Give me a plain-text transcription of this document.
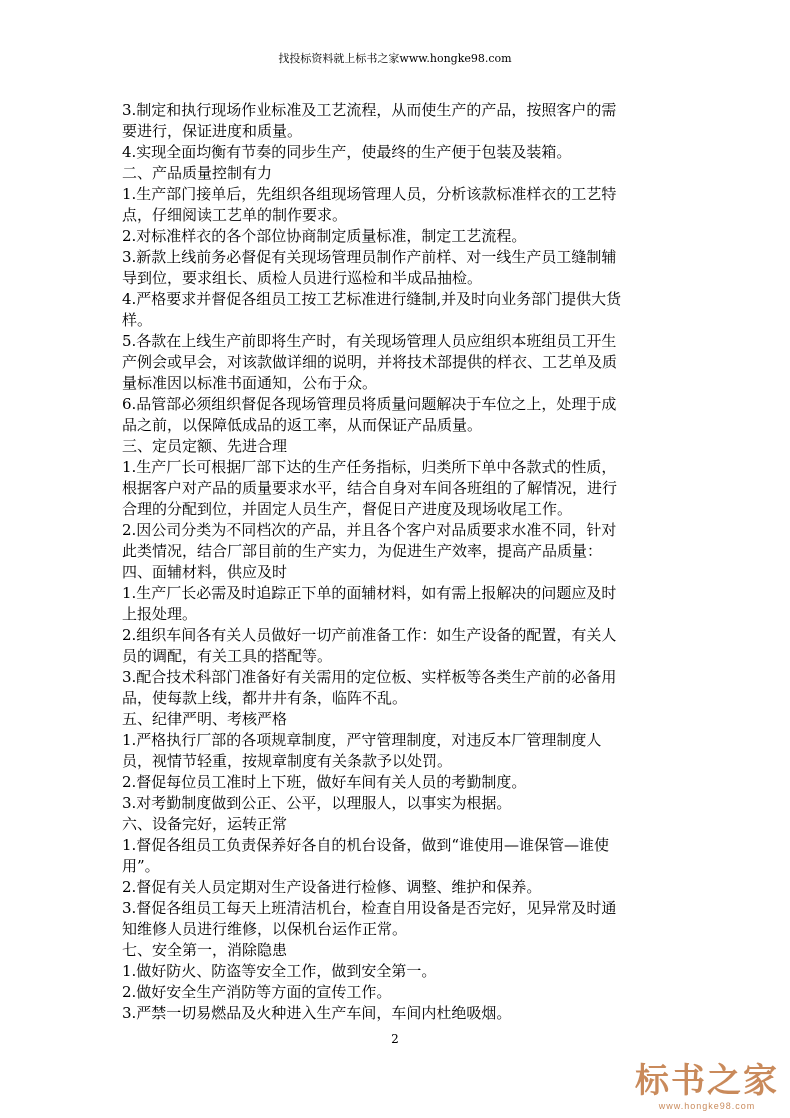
找投标资料就上标书之家www.hongke98.com
3.制定和执行现场作业标准及工艺流程，从而使生产的产品，按照客户的需
要进行，保证进度和质量。
4.实现全面均衡有节奏的同步生产，使最终的生产便于包装及装箱。
二、产品质量控制有力
1.生产部门接单后，先组织各组现场管理人员，分析该款标准样衣的工艺特
点，仔细阅读工艺单的制作要求。
2.对标准样衣的各个部位协商制定质量标准，制定工艺流程。
3.新款上线前务必督促有关现场管理员制作产前样、对一线生产员工缝制辅
导到位，要求组长、质检人员进行巡检和半成品抽检。
4.严格要求并督促各组员工按工艺标准进行缝制,并及时向业务部门提供大货
样。
5.各款在上线生产前即将生产时，有关现场管理人员应组织本班组员工开生
产例会或早会，对该款做详细的说明，并将技术部提供的样衣、工艺单及质
量标准因以标准书面通知，公布于众。
6.品管部必须组织督促各现场管理员将质量问题解决于车位之上，处理于成
品之前，以保障低成品的返工率，从而保证产品质量。
三、定员定额、先进合理
1.生产厂长可根据厂部下达的生产任务指标，归类所下单中各款式的性质，
根据客户对产品的质量要求水平，结合自身对车间各班组的了解情况，进行
合理的分配到位，并固定人员生产，督促日产进度及现场收尾工作。
2.因公司分类为不同档次的产品，并且各个客户对品质要求水准不同，针对
此类情况，结合厂部目前的生产实力，为促进生产效率，提高产品质量：
四、面辅材料，供应及时
1.生产厂长必需及时追踪正下单的面辅材料，如有需上报解决的问题应及时
上报处理。
2.组织车间各有关人员做好一切产前准备工作：如生产设备的配置，有关人
员的调配，有关工具的搭配等。
3.配合技术科部门准备好有关需用的定位板、实样板等各类生产前的必备用
品，使每款上线，都井井有条，临阵不乱。
五、纪律严明、考核严格
1.严格执行厂部的各项规章制度，严守管理制度，对违反本厂管理制度人
员，视情节轻重，按规章制度有关条款予以处罚。
2.督促每位员工准时上下班，做好车间有关人员的考勤制度。
3.对考勤制度做到公正、公平，以理服人，以事实为根据。
六、设备完好，运转正常
1.督促各组员工负责保养好各自的机台设备，做到“谁使用—谁保管—谁使
用”。
2.督促有关人员定期对生产设备进行检修、调整、维护和保养。
3.督促各组员工每天上班清洁机台，检查自用设备是否完好，见异常及时通
知维修人员进行维修，以保机台运作正常。
七、安全第一，消除隐患
1.做好防火、防盗等安全工作，做到安全第一。
2.做好安全生产消防等方面的宣传工作。
3.严禁一切易燃品及火种进入生产车间，车间内杜绝吸烟。
2
标书之家
www.hongke98.com
